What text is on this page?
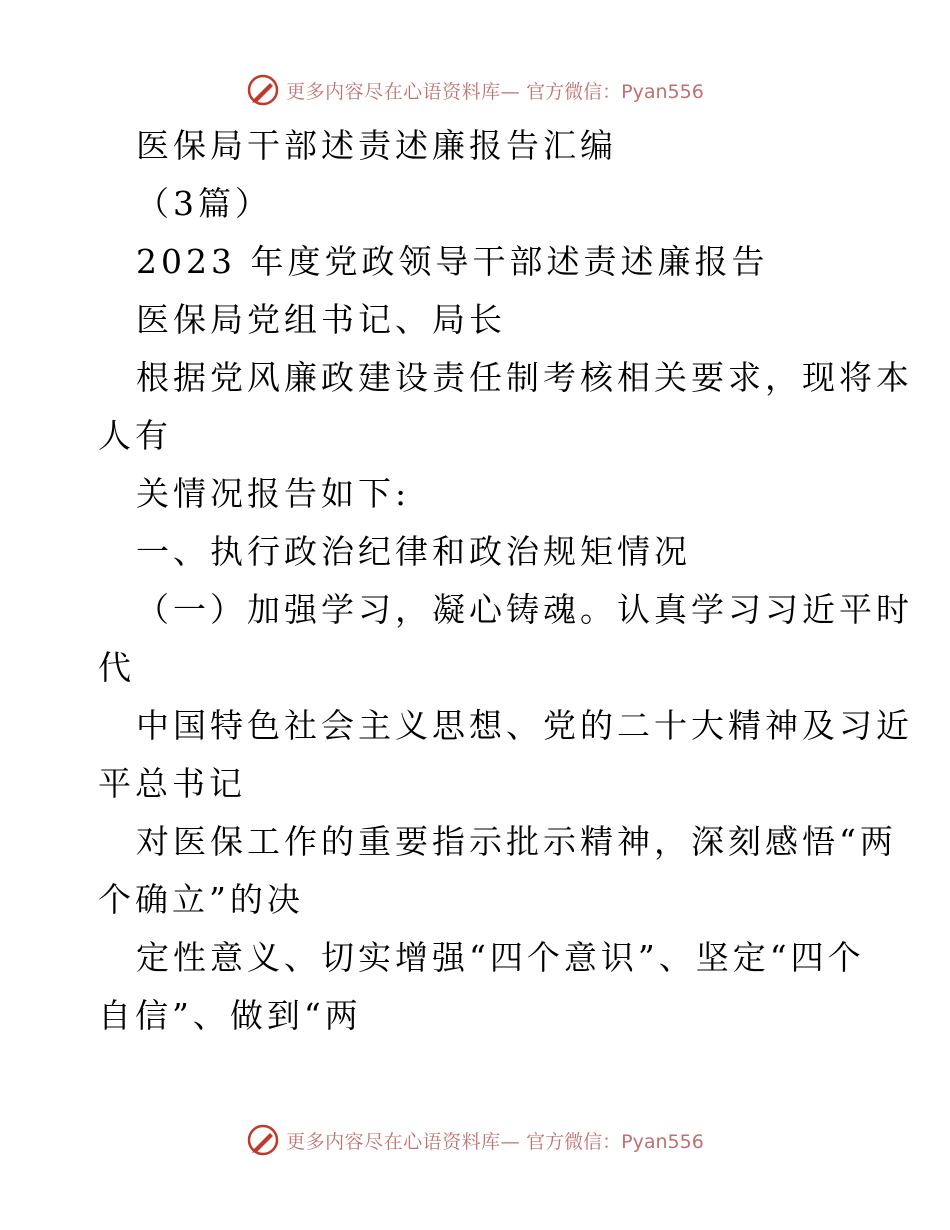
更多内容尽在心语资料库— 官方微信：Pyan556

医保局干部述责述廉报告汇编

（3篇）

2023 年度党政领导干部述责述廉报告

医保局党组书记、局长

根据党风廉政建设责任制考核相关要求，现将本

人有

关情况报告如下:

一、执行政治纪律和政治规矩情况

（一）加强学习，凝心铸魂。认真学习习近平时

代

中国特色社会主义思想、党的二十大精神及习近

平总书记

对医保工作的重要指示批示精神，深刻感悟“两

个确立”的决

定性意义、切实增强“四个意识”、坚定“四个

自信”、做到“两

更多内容尽在心语资料库— 官方微信：Pyan556
